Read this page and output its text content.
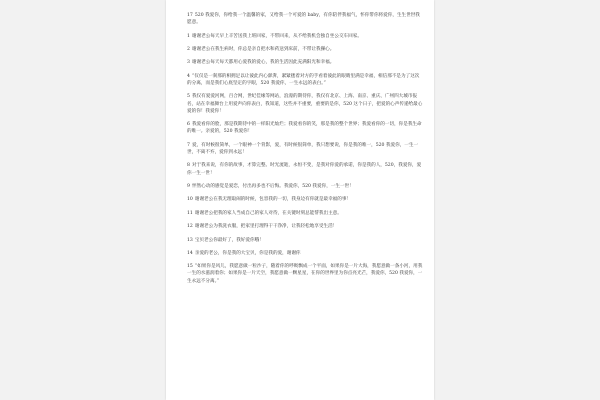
17 520 我爱你，你给我一个温馨的家，又给我一个可爱的 baby，有你陪伴我福气，怀你带你将爱你，生生世世我愿意。

1 谢谢老公每天早上辛苦送我上班回家，不带回来，从不给我机会独自坐公交车回家。

2 谢谢老公在我生病时，你总是亲自把水和药送到床前，不带让我操心。

3 谢谢老公每天每天都用心爱我的爱心，我的生活因此充满阳光和幸福。

4 “仅仅是一刹那的相拥足以让彼此内心澎湃，紧紧搂着对方的手看着彼此的眼睛里满是幸福，相信那不是为了这次的分离，而是我们心底坚定的字眼，520 我爱你，一生永远的表白。”

5 我仅有爱爱河网，百合网，世纪佳缘等网站，浪漫的期待你，我仅有北京、上海、南京、重庆、广州四大城市报名，站在幸福舞台上用爱声向你表白，我知道，这些并不重要，重要的是你，520 这个日子，把爱的心声传递给最心爱的你！我爱你！

6 我爱看你的脸，那是我期待中的一样阳光灿烂；我爱看你的笑，那是我的整个世界；我爱看你的一切，你是我生命的唯一。亲爱的，520 我爱你！

7 爱，有时候很简单，一个眼神一个背影，爱，有时候很简单，我只想要说，你是我的唯一，520 我爱你，一生一世，不离不弃，爱你到永远！

8 对于我来说，有你的故事，才算完整。时光流逝，永恒不变，是我对你爱的承诺，你是我的人，520，我爱你，爱你一生一世！

9 怦然心动的感觉是爱恋，付出再多也不后悔。我爱你，520 我爱你，一生一世！

10 谢谢老公在我无理取闹的时候，包容我的一切，我身边有你就是最幸福的事！

11 谢谢老公把我的家人当成自己的家人对待，在关键时刻总能帮我出主意。

12 谢谢老公为我洗衣服，把家里打理得干干净净，让我轻松地享受生活！

13 宝贝老公你最好了，我好爱你哦！

14 亲爱的老公，你是我的大宝贝，你是我的爱，谢谢你

15 “如果你是风儿，我愿意做一粒沙子，随着你的呼吸飘成一个平面，如果你是一片大海，我愿意做一条小河，用我一生的水滋润着你；如果你是一片天空，我愿意做一颗星星，在你的世界里为你点亮光芒，我爱你，520 我爱你，一生永远不分离。”
